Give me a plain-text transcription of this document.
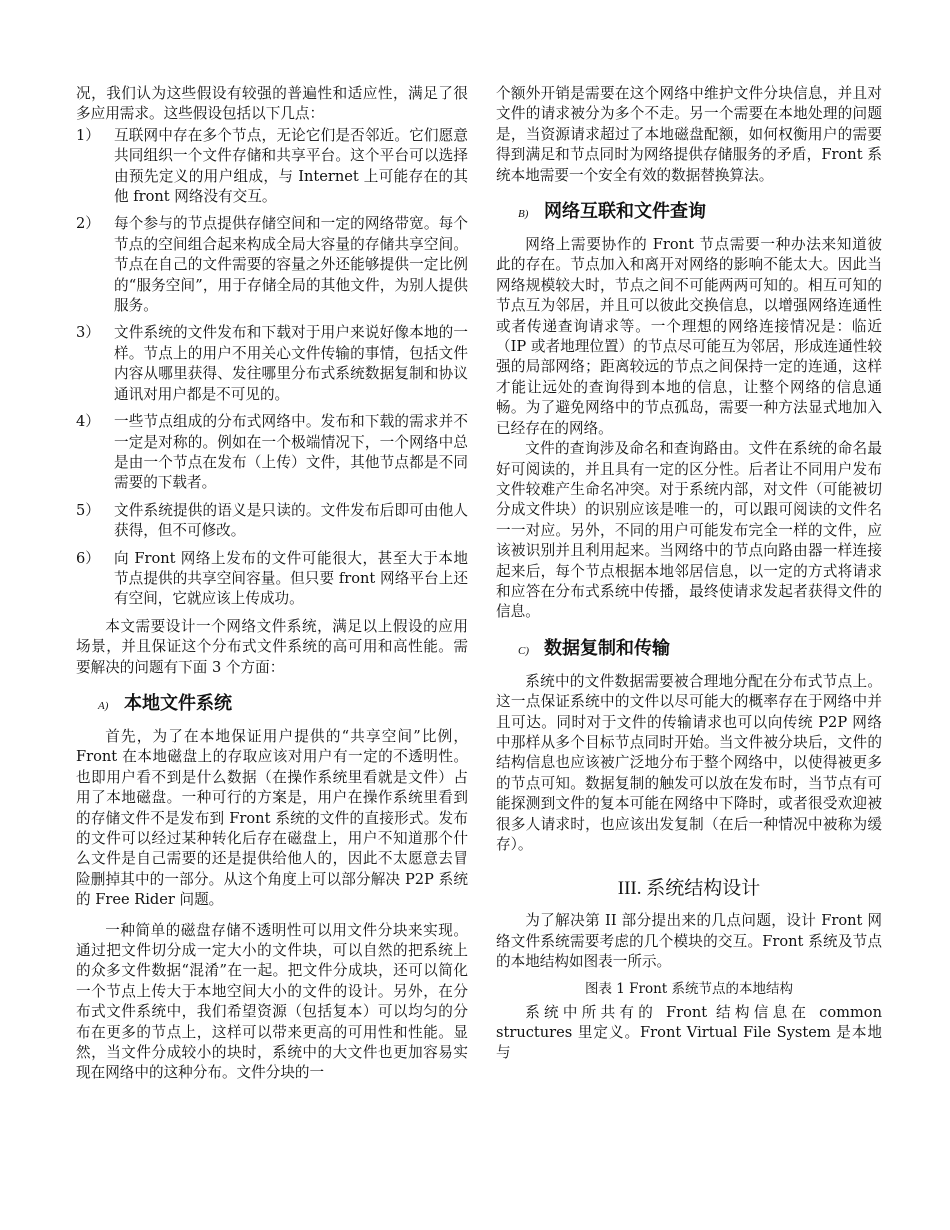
况，我们认为这些假设有较强的普遍性和适应性，满足了很多应用需求。这些假设包括以下几点：

1） 互联网中存在多个节点，无论它们是否邻近。它们愿意共同组织一个文件存储和共享平台。这个平台可以选择由预先定义的用户组成，与 Internet 上可能存在的其他 front 网络没有交互。
2） 每个参与的节点提供存储空间和一定的网络带宽。每个节点的空间组合起来构成全局大容量的存储共享空间。节点在自己的文件需要的容量之外还能够提供一定比例的“服务空间”，用于存储全局的其他文件，为别人提供服务。
3） 文件系统的文件发布和下载对于用户来说好像本地的一样。节点上的用户不用关心文件传输的事情，包括文件内容从哪里获得、发往哪里分布式系统数据复制和协议通讯对用户都是不可见的。
4） 一些节点组成的分布式网络中。发布和下载的需求并不一定是对称的。例如在一个极端情况下，一个网络中总是由一个节点在发布（上传）文件，其他节点都是不同需要的下载者。
5） 文件系统提供的语义是只读的。文件发布后即可由他人获得，但不可修改。
6） 向 Front 网络上发布的文件可能很大，甚至大于本地节点提供的共享空间容量。但只要 front 网络平台上还有空间，它就应该上传成功。

本文需要设计一个网络文件系统，满足以上假设的应用场景，并且保证这个分布式文件系统的高可用和高性能。需要解决的问题有下面 3 个方面：

A) 本地文件系统

首先，为了在本地保证用户提供的“共享空间”比例，Front 在本地磁盘上的存取应该对用户有一定的不透明性。也即用户看不到是什么数据（在操作系统里看就是文件）占用了本地磁盘。一种可行的方案是，用户在操作系统里看到的存储文件不是发布到 Front 系统的文件的直接形式。发布的文件可以经过某种转化后存在磁盘上，用户不知道那个什么文件是自己需要的还是提供给他人的，因此不太愿意去冒险删掉其中的一部分。从这个角度上可以部分解决 P2P 系统的 Free Rider 问题。

一种简单的磁盘存储不透明性可以用文件分块来实现。通过把文件切分成一定大小的文件块，可以自然的把系统上的众多文件数据“混淆”在一起。把文件分成块，还可以简化一个节点上传大于本地空间大小的文件的设计。另外，在分布式文件系统中，我们希望资源（包括复本）可以均匀的分布在更多的节点上，这样可以带来更高的可用性和性能。显然，当文件分成较小的块时，系统中的大文件也更加容易实现在网络中的这种分布。文件分块的一

个额外开销是需要在这个网络中维护文件分块信息，并且对文件的请求被分为多个不走。另一个需要在本地处理的问题是，当资源请求超过了本地磁盘配额，如何权衡用户的需要得到满足和节点同时为网络提供存储服务的矛盾，Front 系统本地需要一个安全有效的数据替换算法。

B) 网络互联和文件查询

网络上需要协作的 Front 节点需要一种办法来知道彼此的存在。节点加入和离开对网络的影响不能太大。因此当网络规模较大时，节点之间不可能两两可知的。相互可知的节点互为邻居，并且可以彼此交换信息，以增强网络连通性或者传递查询请求等。一个理想的网络连接情况是：临近（IP 或者地理位置）的节点尽可能互为邻居，形成连通性较强的局部网络；距离较远的节点之间保持一定的连通，这样才能让远处的查询得到本地的信息，让整个网络的信息通畅。为了避免网络中的节点孤岛，需要一种方法显式地加入已经存在的网络。

文件的查询涉及命名和查询路由。文件在系统的命名最好可阅读的，并且具有一定的区分性。后者让不同用户发布文件较难产生命名冲突。对于系统内部，对文件（可能被切分成文件块）的识别应该是唯一的，可以跟可阅读的文件名一一对应。另外，不同的用户可能发布完全一样的文件，应该被识别并且利用起来。当网络中的节点向路由器一样连接起来后，每个节点根据本地邻居信息，以一定的方式将请求和应答在分布式系统中传播，最终使请求发起者获得文件的信息。

C) 数据复制和传输

系统中的文件数据需要被合理地分配在分布式节点上。这一点保证系统中的文件以尽可能大的概率存在于网络中并且可达。同时对于文件的传输请求也可以向传统 P2P 网络中那样从多个目标节点同时开始。当文件被分块后，文件的结构信息也应该被广泛地分布于整个网络中，以使得被更多的节点可知。数据复制的触发可以放在发布时，当节点有可能探测到文件的复本可能在网络中下降时，或者很受欢迎被很多人请求时，也应该出发复制（在后一种情况中被称为缓存）。

III. 系统结构设计

为了解决第 II 部分提出来的几点问题，设计 Front 网络文件系统需要考虑的几个模块的交互。Front 系统及节点的本地结构如图表一所示。

图表 1 Front 系统节点的本地结构

系统中所共有的 Front 结构信息在 common

structures 里定义。Front Virtual File System 是本地与
